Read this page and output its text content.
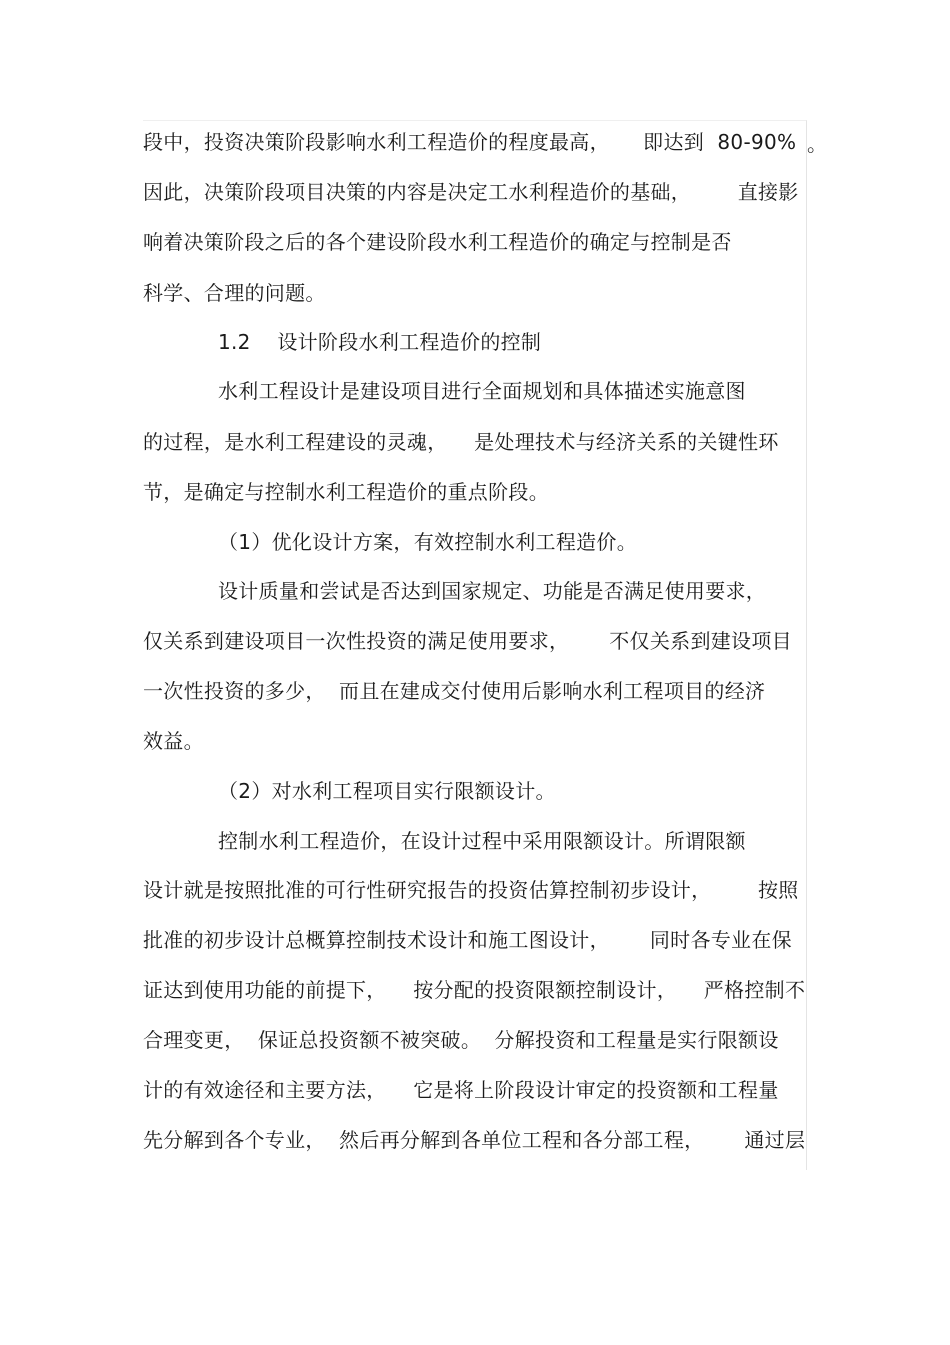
段中，投资决策阶段影响水利工程造价的程度最高，     即达到  80-90% 。
因此，决策阶段项目决策的内容是决定工水利程造价的基础，       直接影
响着决策阶段之后的各个建设阶段水利工程造价的确定与控制是否
科学、合理的问题。
1.2    设计阶段水利工程造价的控制
水利工程设计是建设项目进行全面规划和具体描述实施意图
的过程，是水利工程建设的灵魂，    是处理技术与经济关系的关键性环
节，是确定与控制水利工程造价的重点阶段。
（1）优化设计方案，有效控制水利工程造价。
设计质量和尝试是否达到国家规定、功能是否满足使用要求，
仅关系到建设项目一次性投资的满足使用要求，      不仅关系到建设项目
一次性投资的多少，  而且在建成交付使用后影响水利工程项目的经济
效益。
（2）对水利工程项目实行限额设计。
控制水利工程造价，在设计过程中采用限额设计。所谓限额
设计就是按照批准的可行性研究报告的投资估算控制初步设计，       按照
批准的初步设计总概算控制技术设计和施工图设计，      同时各专业在保
证达到使用功能的前提下，    按分配的投资限额控制设计，    严格控制不
合理变更，  保证总投资额不被突破。  分解投资和工程量是实行限额设
计的有效途径和主要方法，    它是将上阶段设计审定的投资额和工程量
先分解到各个专业，  然后再分解到各单位工程和各分部工程，      通过层
